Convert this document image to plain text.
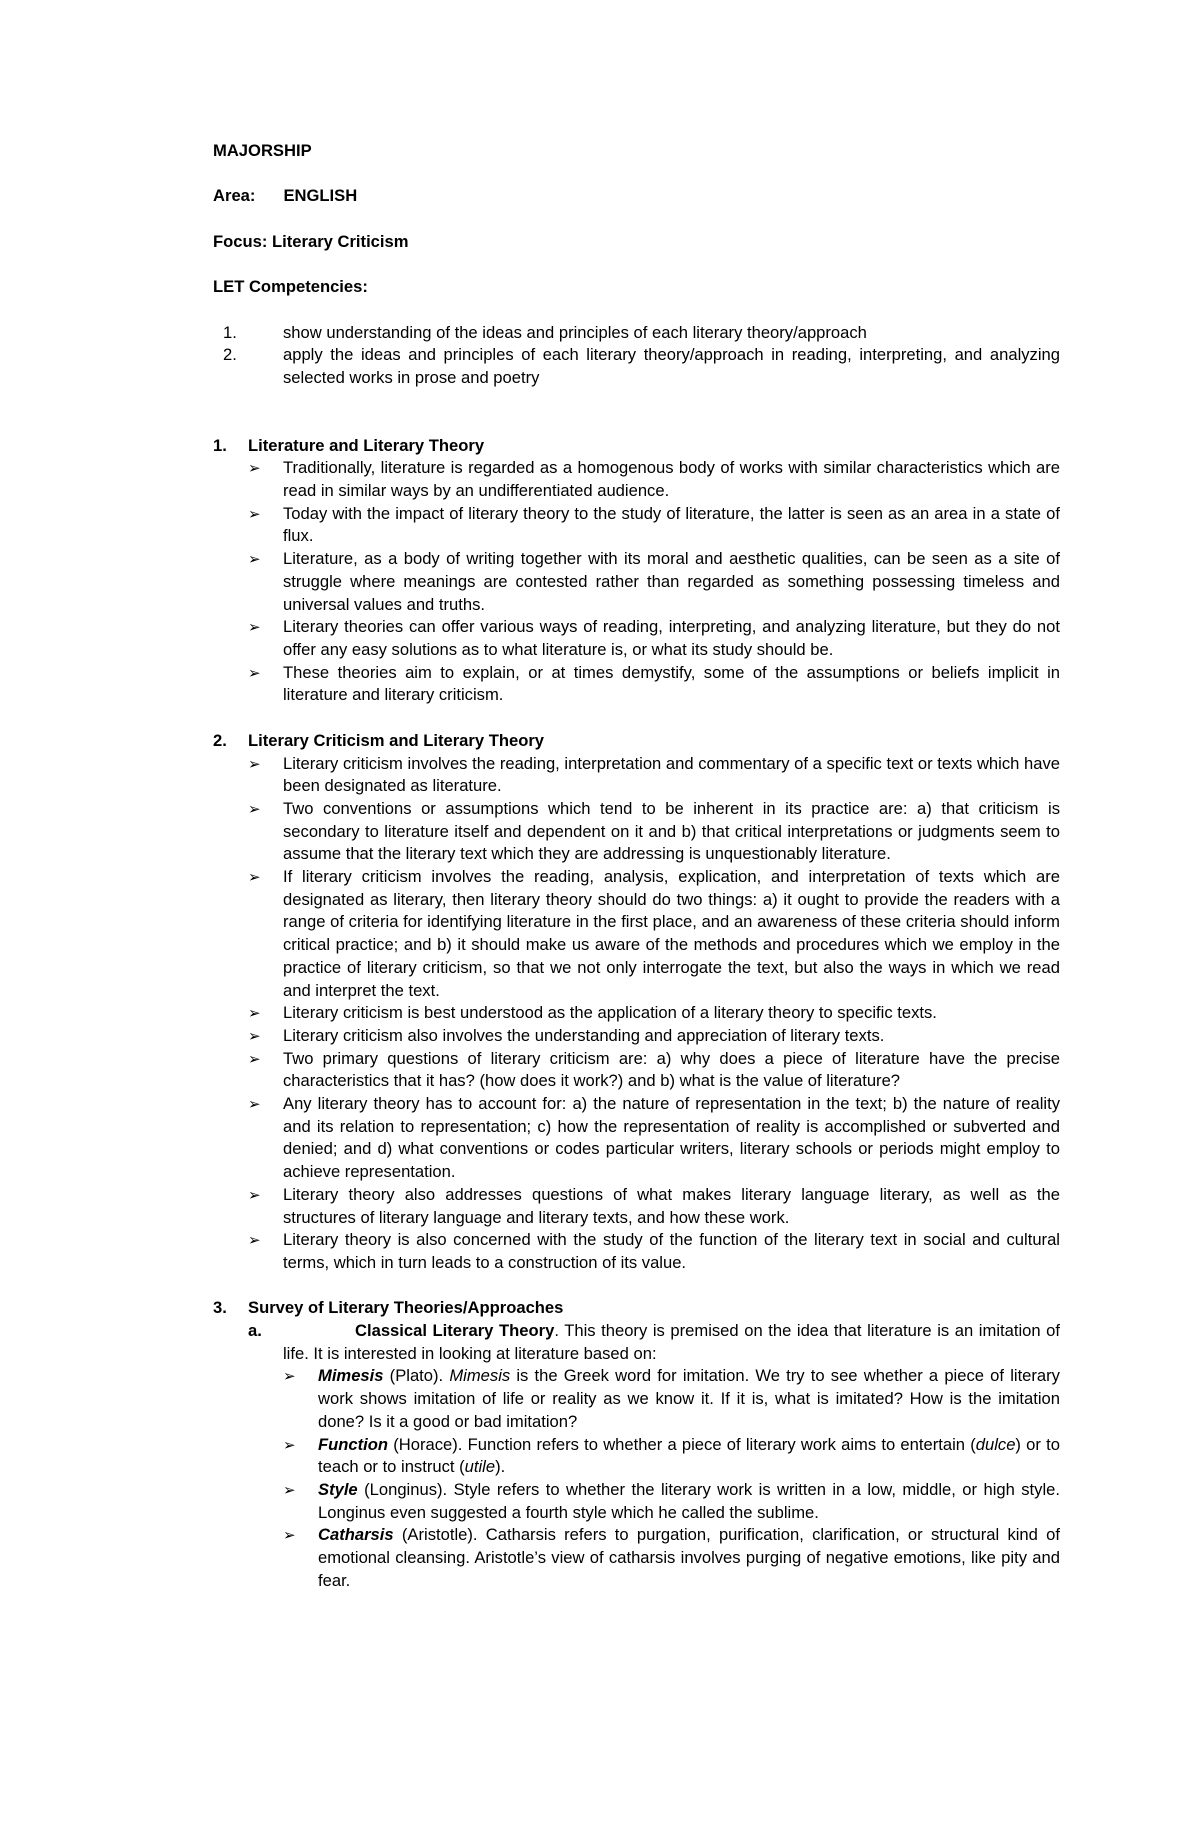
MAJORSHIP

Area: ENGLISH

Focus: Literary Criticism

LET Competencies:

1.	show understanding of the ideas and principles of each literary theory/approach
2.	apply the ideas and principles of each literary theory/approach in reading, interpreting, and analyzing selected works in prose and poetry
1.	Literature and Literary Theory
➢	Traditionally, literature is regarded as a homogenous body of works with similar characteristics which are read in similar ways by an undifferentiated audience.
➢	Today with the impact of literary theory to the study of literature, the latter is seen as an area in a state of flux.
➢	Literature, as a body of writing together with its moral and aesthetic qualities, can be seen as a site of struggle where meanings are contested rather than regarded as something possessing timeless and universal values and truths.
➢	Literary theories can offer various ways of reading, interpreting, and analyzing literature, but they do not offer any easy solutions as to what literature is, or what its study should be.
➢	These theories aim to explain, or at times demystify, some of the assumptions or beliefs implicit in literature and literary criticism.
2.	Literary Criticism and Literary Theory
➢	Literary criticism involves the reading, interpretation and commentary of a specific text or texts which have been designated as literature.
➢	Two conventions or assumptions which tend to be inherent in its practice are: a) that criticism is secondary to literature itself and dependent on it and b) that critical interpretations or judgments seem to assume that the literary text which they are addressing is unquestionably literature.
➢	If literary criticism involves the reading, analysis, explication, and interpretation of texts which are designated as literary, then literary theory should do two things: a) it ought to provide the readers with a range of criteria for identifying literature in the first place, and an awareness of these criteria should inform critical practice; and b) it should make us aware of the methods and procedures which we employ in the practice of literary criticism, so that we not only interrogate the text, but also the ways in which we read and interpret the text.
➢	Literary criticism is best understood as the application of a literary theory to specific texts.
➢	Literary criticism also involves the understanding and appreciation of literary texts.
➢	Two primary questions of literary criticism are: a) why does a piece of literature have the precise characteristics that it has? (how does it work?) and b) what is the value of literature?
➢	Any literary theory has to account for: a) the nature of representation in the text; b) the nature of reality and its relation to representation; c) how the representation of reality is accomplished or subverted and denied; and d) what conventions or codes particular writers, literary schools or periods might employ to achieve representation.
➢	Literary theory also addresses questions of what makes literary language literary, as well as the structures of literary language and literary texts, and how these work.
➢	Literary theory is also concerned with the study of the function of the literary text in social and cultural terms, which in turn leads to a construction of its value.
3.	Survey of Literary Theories/Approaches
a.	Classical Literary Theory. This theory is premised on the idea that literature is an imitation of life. It is interested in looking at literature based on:
➢	Mimesis (Plato). Mimesis is the Greek word for imitation. We try to see whether a piece of literary work shows imitation of life or reality as we know it. If it is, what is imitated? How is the imitation done? Is it a good or bad imitation?
➢	Function (Horace). Function refers to whether a piece of literary work aims to entertain (dulce) or to teach or to instruct (utile).
➢	Style (Longinus). Style refers to whether the literary work is written in a low, middle, or high style. Longinus even suggested a fourth style which he called the sublime.
➢	Catharsis (Aristotle). Catharsis refers to purgation, purification, clarification, or structural kind of emotional cleansing. Aristotle’s view of catharsis involves purging of negative emotions, like pity and fear.
